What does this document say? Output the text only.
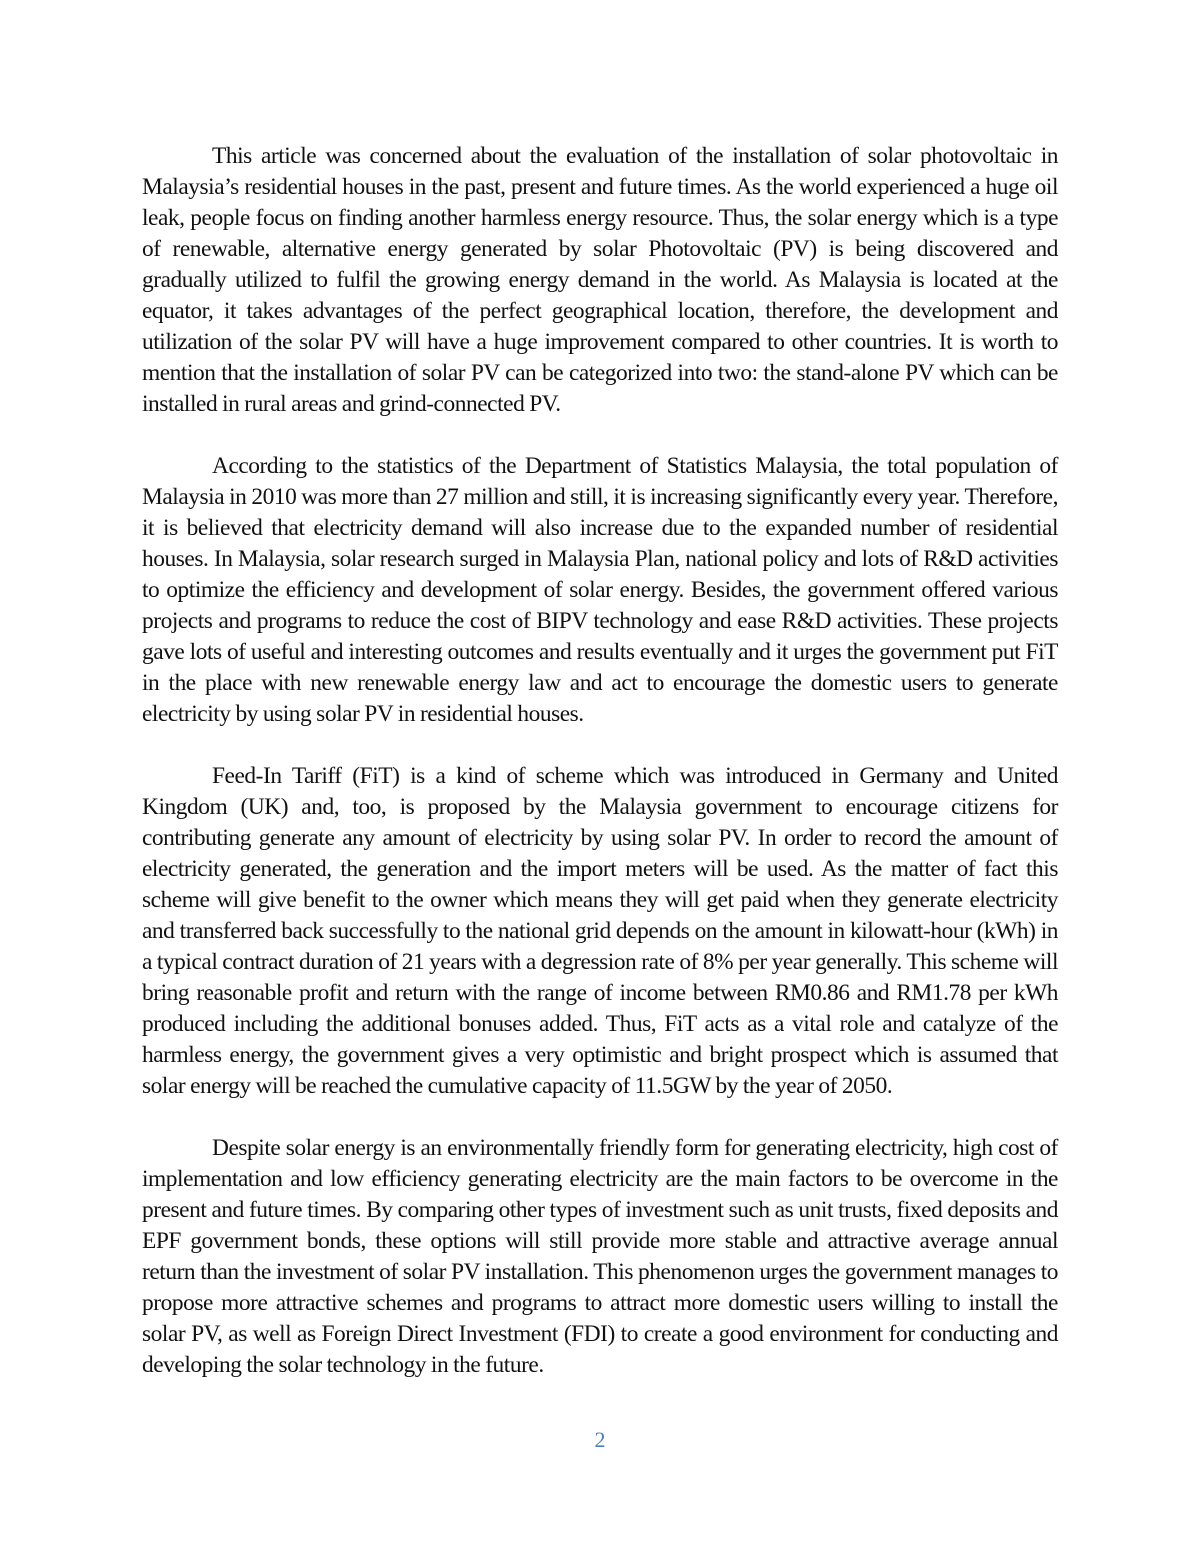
This article was concerned about the evaluation of the installation of solar photovoltaic in Malaysia’s residential houses in the past, present and future times. As the world experienced a huge oil leak, people focus on finding another harmless energy resource. Thus, the solar energy which is a type of renewable, alternative energy generated by solar Photovoltaic (PV) is being discovered and gradually utilized to fulfil the growing energy demand in the world. As Malaysia is located at the equator, it takes advantages of the perfect geographical location, therefore, the development and utilization of the solar PV will have a huge improvement compared to other countries. It is worth to mention that the installation of solar PV can be categorized into two: the stand-alone PV which can be installed in rural areas and grind-connected PV.

According to the statistics of the Department of Statistics Malaysia, the total population of Malaysia in 2010 was more than 27 million and still, it is increasing significantly every year. Therefore, it is believed that electricity demand will also increase due to the expanded number of residential houses. In Malaysia, solar research surged in Malaysia Plan, national policy and lots of R&D activities to optimize the efficiency and development of solar energy. Besides, the government offered various projects and programs to reduce the cost of BIPV technology and ease R&D activities. These projects gave lots of useful and interesting outcomes and results eventually and it urges the government put FiT in the place with new renewable energy law and act to encourage the domestic users to generate electricity by using solar PV in residential houses.

Feed-In Tariff (FiT) is a kind of scheme which was introduced in Germany and United Kingdom (UK) and, too, is proposed by the Malaysia government to encourage citizens for contributing generate any amount of electricity by using solar PV. In order to record the amount of electricity generated, the generation and the import meters will be used. As the matter of fact this scheme will give benefit to the owner which means they will get paid when they generate electricity and transferred back successfully to the national grid depends on the amount in kilowatt-hour (kWh) in a typical contract duration of 21 years with a degression rate of 8% per year generally. This scheme will bring reasonable profit and return with the range of income between RM0.86 and RM1.78 per kWh produced including the additional bonuses added. Thus, FiT acts as a vital role and catalyze of the harmless energy, the government gives a very optimistic and bright prospect which is assumed that solar energy will be reached the cumulative capacity of 11.5GW by the year of 2050.

Despite solar energy is an environmentally friendly form for generating electricity, high cost of implementation and low efficiency generating electricity are the main factors to be overcome in the present and future times. By comparing other types of investment such as unit trusts, fixed deposits and EPF government bonds, these options will still provide more stable and attractive average annual return than the investment of solar PV installation. This phenomenon urges the government manages to propose more attractive schemes and programs to attract more domestic users willing to install the solar PV, as well as Foreign Direct Investment (FDI) to create a good environment for conducting and developing the solar technology in the future.

2
